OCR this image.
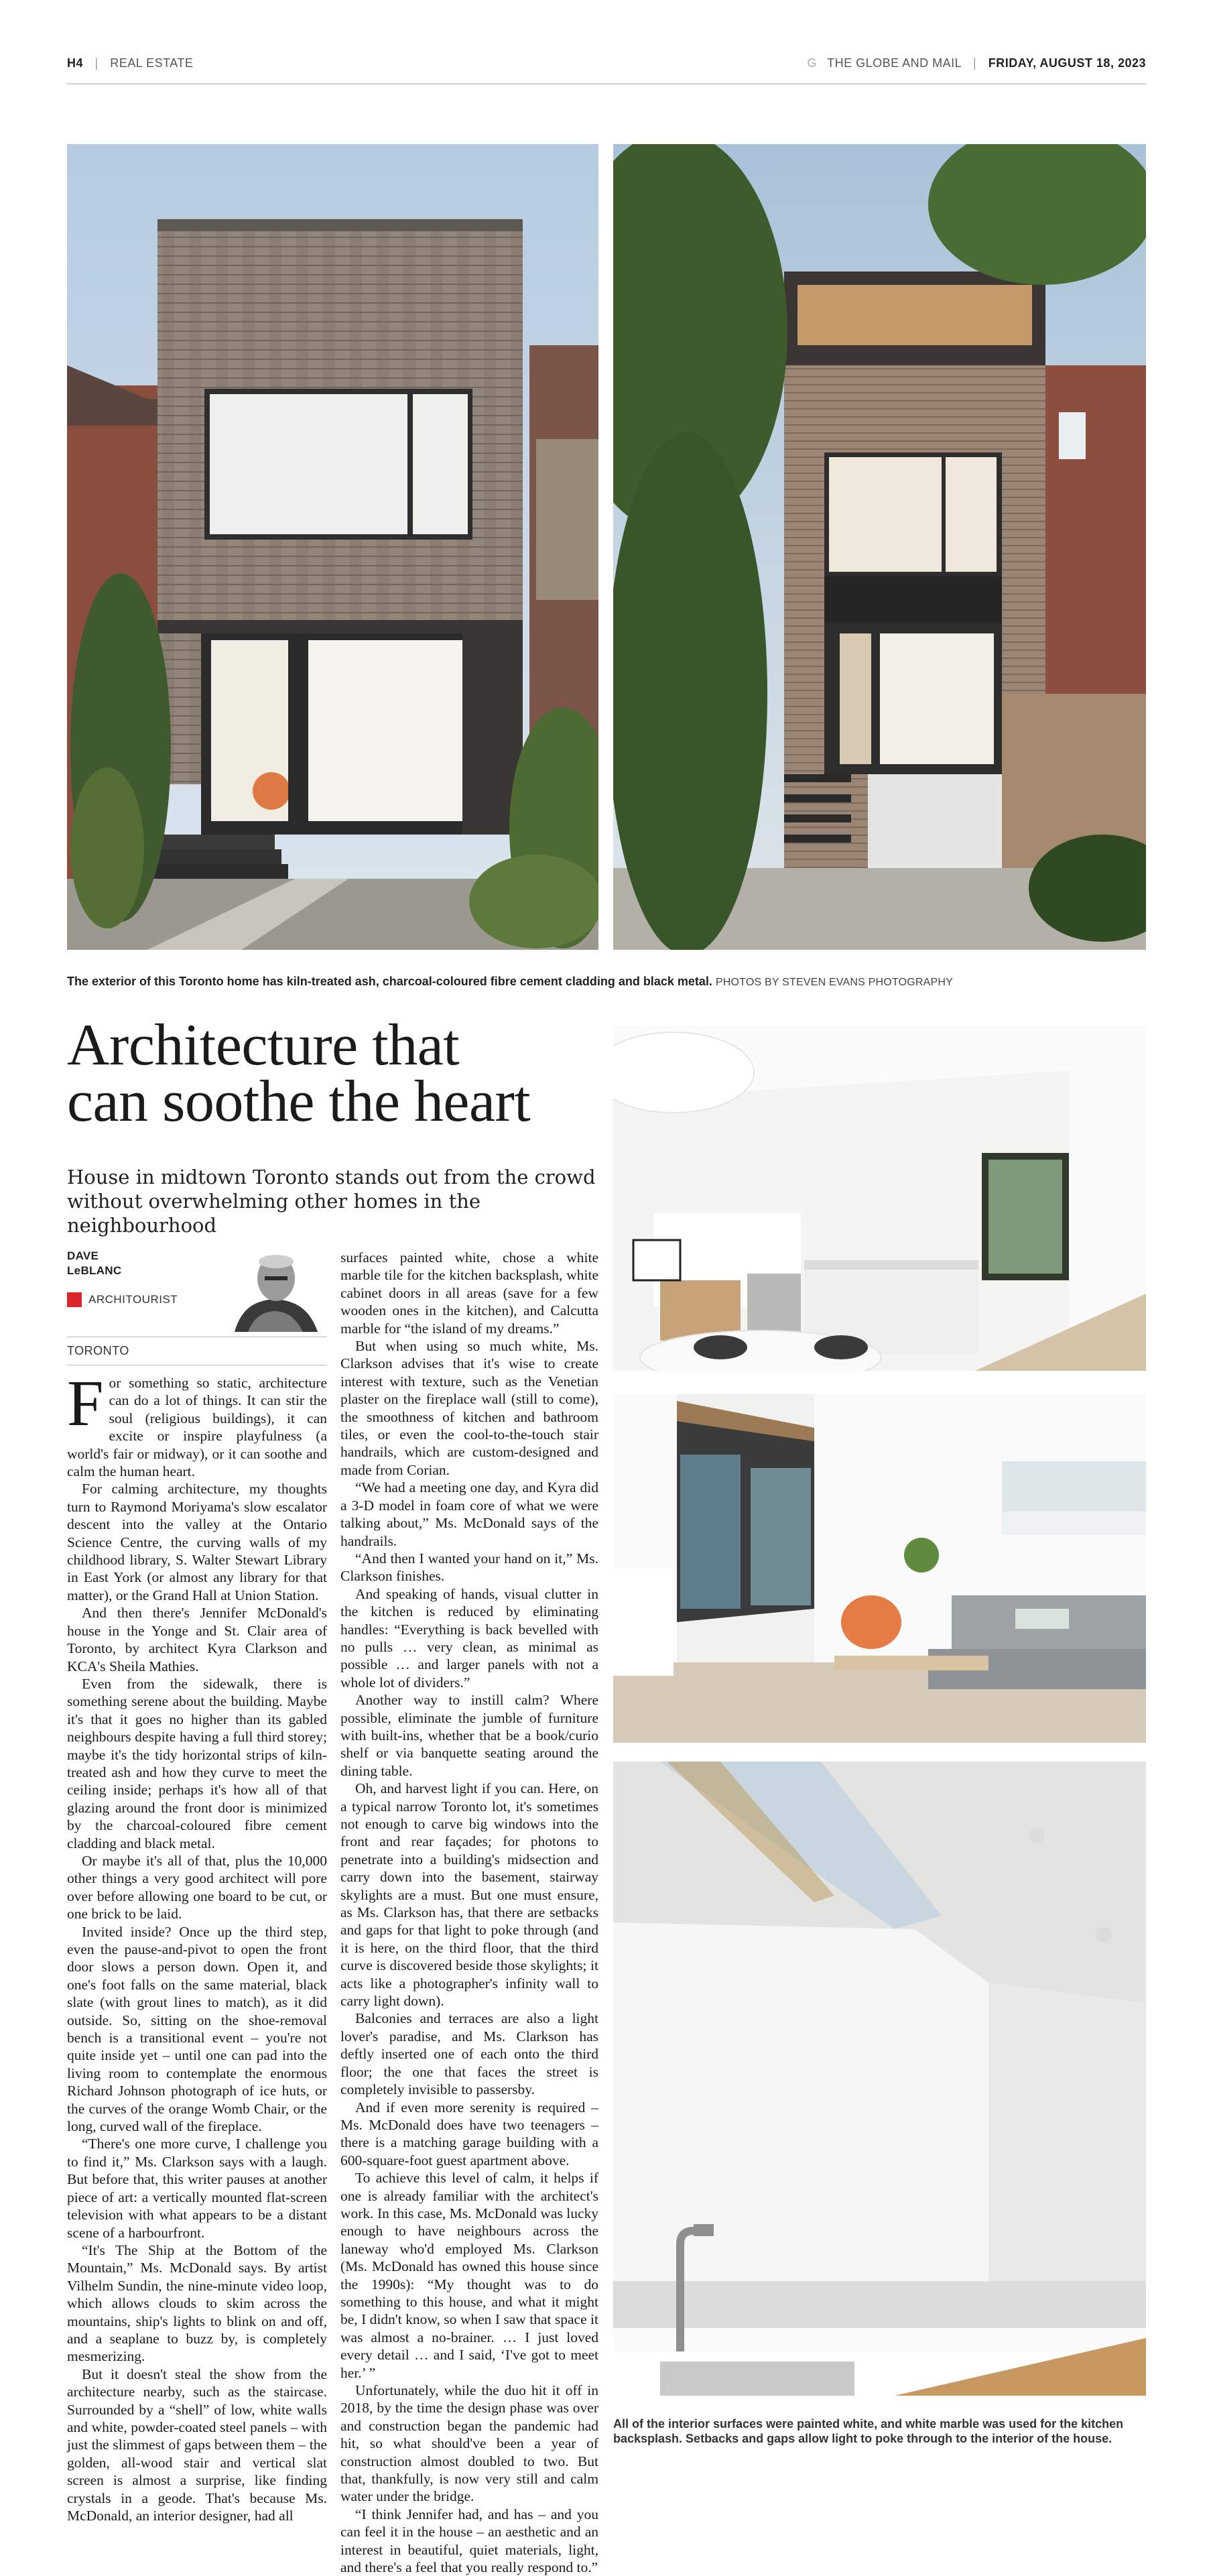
H4 | REAL ESTATE	G THE GLOBE AND MAIL | FRIDAY, AUGUST 18, 2023
The exterior of this Toronto home has kiln-treated ash, charcoal-coloured fibre cement cladding and black metal. PHOTOS BY STEVEN EVANS PHOTOGRAPHY
Architecture that
can soothe the heart
House in midtown Toronto stands out from the crowd
without overwhelming other homes in the neighbourhood
DAVE
LeBLANC
ARCHITOURIST
TORONTO

For something so static, architecture can do a lot of things. It can stir the soul (religious buildings), it can excite or inspire playfulness (a world's fair or midway), or it can soothe and calm the human heart.

For calming architecture, my thoughts turn to Raymond Moriyama's slow escalator descent into the valley at the Ontario Science Centre, the curving walls of my childhood library, S. Walter Stewart Library in East York (or almost any library for that matter), or the Grand Hall at Union Station.

And then there's Jennifer McDonald's house in the Yonge and St. Clair area of Toronto, by architect Kyra Clarkson and KCA's Sheila Mathies.

Even from the sidewalk, there is something serene about the building. Maybe it's that it goes no higher than its gabled neighbours despite having a full third storey; maybe it's the tidy horizontal strips of kiln-treated ash and how they curve to meet the ceiling inside; perhaps it's how all of that glazing around the front door is minimized by the charcoal-coloured fibre cement cladding and black metal.

Or maybe it's all of that, plus the 10,000 other things a very good architect will pore over before allowing one board to be cut, or one brick to be laid.

Invited inside? Once up the third step, even the pause-and-pivot to open the front door slows a person down. Open it, and one's foot falls on the same material, black slate (with grout lines to match), as it did outside. So, sitting on the shoe-removal bench is a transitional event – you're not quite inside yet – until one can pad into the living room to contemplate the enormous Richard Johnson photograph of ice huts, or the curves of the orange Womb Chair, or the long, curved wall of the fireplace.

“There's one more curve, I challenge you to find it,” Ms. Clarkson says with a laugh. But before that, this writer pauses at another piece of art: a vertically mounted flat-screen television with what appears to be a distant scene of a harbourfront.

“It's The Ship at the Bottom of the Mountain,” Ms. McDonald says. By artist Vilhelm Sundin, the nine-minute video loop, which allows clouds to skim across the mountains, ship's lights to blink on and off, and a seaplane to buzz by, is completely mesmerizing.

But it doesn't steal the show from the architecture nearby, such as the staircase. Surrounded by a “shell” of low, white walls and white, powder-coated steel panels – with just the slimmest of gaps between them – the golden, all-wood stair and vertical slat screen is almost a surprise, like finding crystals in a geode. That's because Ms. McDonald, an interior designer, had all

surfaces painted white, chose a white marble tile for the kitchen backsplash, white cabinet doors in all areas (save for a few wooden ones in the kitchen), and Calcutta marble for “the island of my dreams.”

But when using so much white, Ms. Clarkson advises that it's wise to create interest with texture, such as the Venetian plaster on the fireplace wall (still to come), the smoothness of kitchen and bathroom tiles, or even the cool-to-the-touch stair handrails, which are custom-designed and made from Corian.

“We had a meeting one day, and Kyra did a 3-D model in foam core of what we were talking about,” Ms. McDonald says of the handrails.

“And then I wanted your hand on it,” Ms. Clarkson finishes.

And speaking of hands, visual clutter in the kitchen is reduced by eliminating handles: “Everything is back bevelled with no pulls … very clean, as minimal as possible … and larger panels with not a whole lot of dividers.”

Another way to instill calm? Where possible, eliminate the jumble of furniture with built-ins, whether that be a book/curio shelf or via banquette seating around the dining table.

Oh, and harvest light if you can. Here, on a typical narrow Toronto lot, it's sometimes not enough to carve big windows into the front and rear façades; for photons to penetrate into a building's midsection and carry down into the basement, stairway skylights are a must. But one must ensure, as Ms. Clarkson has, that there are setbacks and gaps for that light to poke through (and it is here, on the third floor, that the third curve is discovered beside those skylights; it acts like a photographer's infinity wall to carry light down).

Balconies and terraces are also a light lover's paradise, and Ms. Clarkson has deftly inserted one of each onto the third floor; the one that faces the street is completely invisible to passersby.

And if even more serenity is required – Ms. McDonald does have two teenagers – there is a matching garage building with a 600-square-foot guest apartment above.

To achieve this level of calm, it helps if one is already familiar with the architect's work. In this case, Ms. McDonald was lucky enough to have neighbours across the laneway who'd employed Ms. Clarkson (Ms. McDonald has owned this house since the 1990s): “My thought was to do something to this house, and what it might be, I didn't know, so when I saw that space it was almost a no-brainer. … I just loved every detail … and I said, ‘I've got to meet her.’ ”

Unfortunately, while the duo hit it off in 2018, by the time the design phase was over and construction began the pandemic had hit, so what should've been a year of construction almost doubled to two. But that, thankfully, is now very still and calm water under the bridge.

“I think Jennifer had, and has – and you can feel it in the house – an aesthetic and an interest in beautiful, quiet materials, light, and there's a feel that you really respond to.”

All of the interior surfaces were painted white, and white marble was used for the kitchen
backsplash. Setbacks and gaps allow light to poke through to the interior of the house.
